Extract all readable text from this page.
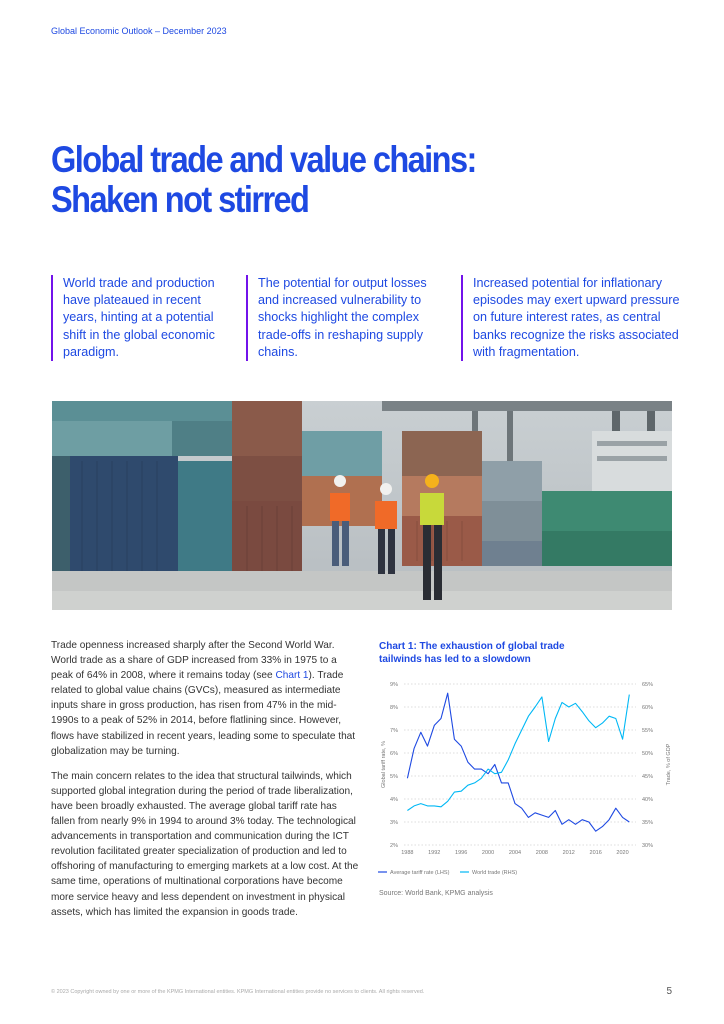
Global Economic Outlook – December 2023
Global trade and value chains:
Shaken not stirred
World trade and production have plateaued in recent years, hinting at a potential shift in the global economic paradigm.
The potential for output losses and increased vulnerability to shocks highlight the complex trade-offs in reshaping supply chains.
Increased potential for inflationary episodes may exert upward pressure on future interest rates, as central banks recognize the risks associated with fragmentation.

Trade openness increased sharply after the Second World War. World trade as a share of GDP increased from 33% in 1975 to a peak of 64% in 2008, where it remains today (see Chart 1). Trade related to global value chains (GVCs), measured as intermediate inputs share in gross production, has risen from 47% in the mid-1990s to a peak of 52% in 2014, before flatlining since. However, flows have stabilized in recent years, leading some to speculate that globalization may be turning.

The main concern relates to the idea that structural tailwinds, which supported global integration during the period of trade liberalization, have been broadly exhausted. The average global tariff rate has fallen from nearly 9% in 1994 to around 3% today. The technological advancements in transportation and communication during the ICT revolution facilitated greater specialization of production and led to offshoring of manufacturing to emerging markets at a low cost. At the same time, operations of multinational corporations have become more service heavy and less dependent on investment in physical assets, which has limited the expansion in goods trade.

Chart 1: The exhaustion of global trade tailwinds has led to a slowdown
2%
3%
4%
5%
6%
7%
8%
9%
30%
35%
40%
45%
50%
55%
60%
65%
1988	1992	1996	2000	2004	2008	2012	2016	2020
Global tariff rate, %	Trade, % of GDP
Average tariff rate (LHS)	World trade (RHS)
Source: World Bank, KPMG analysis
© 2023 Copyright owned by one or more of the KPMG International entities. KPMG International entities provide no services to clients. All rights reserved.	5
